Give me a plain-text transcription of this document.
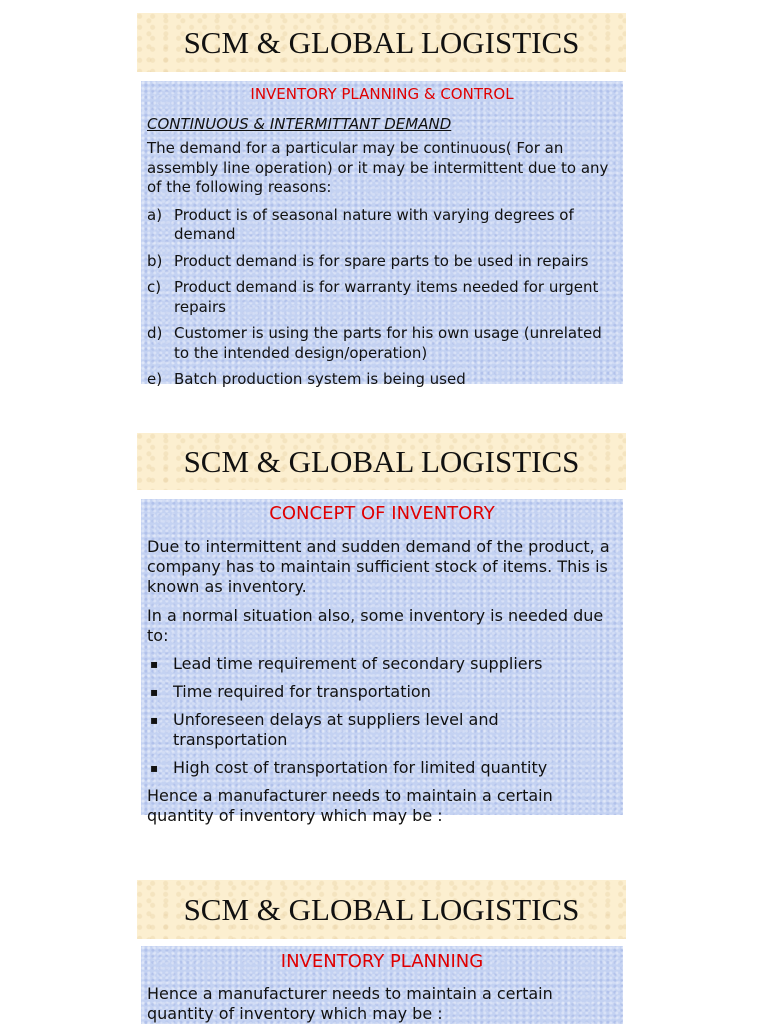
SCM & GLOBAL LOGISTICS
INVENTORY PLANNING & CONTROL
CONTINUOUS & INTERMITTANT DEMAND
The demand for a particular may be continuous( For an assembly line operation) or it may be intermittent due to any of the following reasons:
a) Product is of seasonal nature with varying degrees of demand
b) Product demand is for spare parts to be used in repairs
c) Product demand is for warranty items needed for urgent repairs
d) Customer is using the parts for his own usage (unrelated to the intended design/operation)
e) Batch production system is being used
SCM & GLOBAL LOGISTICS
CONCEPT OF INVENTORY
Due to intermittent and sudden demand of the product, a company has to maintain sufficient stock of items. This is known as inventory.
In a normal situation also, some inventory is needed due to:
▪ Lead time requirement of secondary suppliers
▪ Time required for transportation
▪ Unforeseen delays at suppliers level and transportation
▪ High cost of transportation for limited quantity
Hence a manufacturer needs to maintain a certain quantity of inventory which may be :
SCM & GLOBAL LOGISTICS
INVENTORY PLANNING
Hence a manufacturer needs to maintain a certain quantity of inventory which may be :
